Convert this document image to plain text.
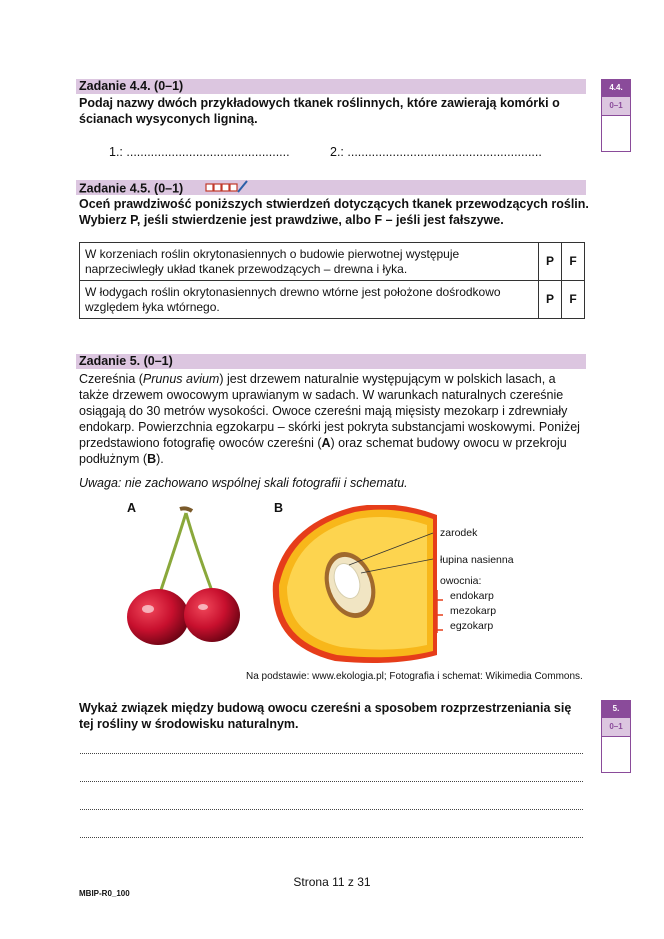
Zadanie 4.4. (0–1)
Podaj nazwy dwóch przykładowych tkanek roślinnych, które zawierają komórki o ścianach wysyconych ligniną.
1.: ...............................................	2.: ........................................................
4.4.
0–1
Zadanie 4.5. (0–1)
Oceń prawdziwość poniższych stwierdzeń dotyczących tkanek przewodzących roślin.
Wybierz P, jeśli stwierdzenie jest prawdziwe, albo F – jeśli jest fałszywe.
W korzeniach roślin okrytonasiennych o budowie pierwotnej występuje naprzeciwległy układ tkanek przewodzących – drewna i łyka.	P	F
W łodygach roślin okrytonasiennych drewno wtórne jest położone dośrodkowo względem łyka wtórnego.	P	F
Zadanie 5. (0–1)
Czereśnia (Prunus avium) jest drzewem naturalnie występującym w polskich lasach, a także drzewem owocowym uprawianym w sadach. W warunkach naturalnych czereśnie osiągają do 30 metrów wysokości. Owoce czereśni mają mięsisty mezokarp i zdrewniały endokarp. Powierzchnia egzokarpu – skórki jest pokryta substancjami woskowymi. Poniżej przedstawiono fotografię owoców czereśni (A) oraz schemat budowy owocu w przekroju podłużnym (B).
Uwaga: nie zachowano wspólnej skali fotografii i schematu.
A	B
zarodek
łupina nasienna
owocnia:
endokarp
mezokarp
egzokarp
Na podstawie: www.ekologia.pl; Fotografia i schemat: Wikimedia Commons.
Wykaż związek między budową owocu czereśni a sposobem rozprzestrzeniania się tej rośliny w środowisku naturalnym.
5.
0–1
Strona 11 z 31
MBIP-R0_100
